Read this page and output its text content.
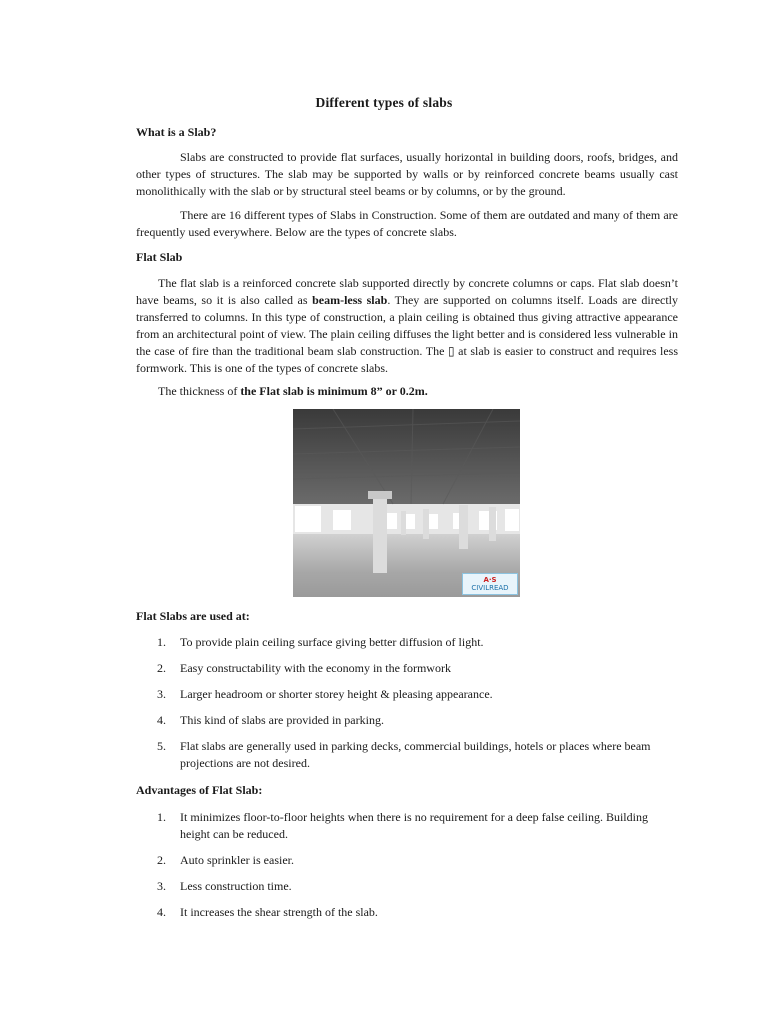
Different types of slabs
What is a Slab?

Slabs are constructed to provide flat surfaces, usually horizontal in building doors, roofs, bridges, and other types of structures. The slab may be supported by walls or by reinforced concrete beams usually cast monolithically with the slab or by structural steel beams or by columns, or by the ground.

There are 16 different types of Slabs in Construction. Some of them are outdated and many of them are frequently used everywhere. Below are the types of concrete slabs.

Flat Slab

The flat slab is a reinforced concrete slab supported directly by concrete columns or caps. Flat slab doesn’t have beams, so it is also called as beam-less slab. They are supported on columns itself. Loads are directly transferred to columns. In this type of construction, a plain ceiling is obtained thus giving attractive appearance from an architectural point of view. The plain ceiling diffuses the light better and is considered less vulnerable in the case of fire than the traditional beam slab construction. The ▯ at slab is easier to construct and requires less formwork. This is one of the types of concrete slabs.

The thickness of the Flat slab is minimum 8” or 0.2m.

A·S
CIVILREAD
Flat Slabs are used at:
1. To provide plain ceiling surface giving better diffusion of light.
2. Easy constructability with the economy in the formwork
3. Larger headroom or shorter storey height & pleasing appearance.
4. This kind of slabs are provided in parking.
5. Flat slabs are generally used in parking decks, commercial buildings, hotels or places where beam projections are not desired.
Advantages of Flat Slab:
1. It minimizes floor-to-floor heights when there is no requirement for a deep false ceiling. Building height can be reduced.
2. Auto sprinkler is easier.
3. Less construction time.
4. It increases the shear strength of the slab.
